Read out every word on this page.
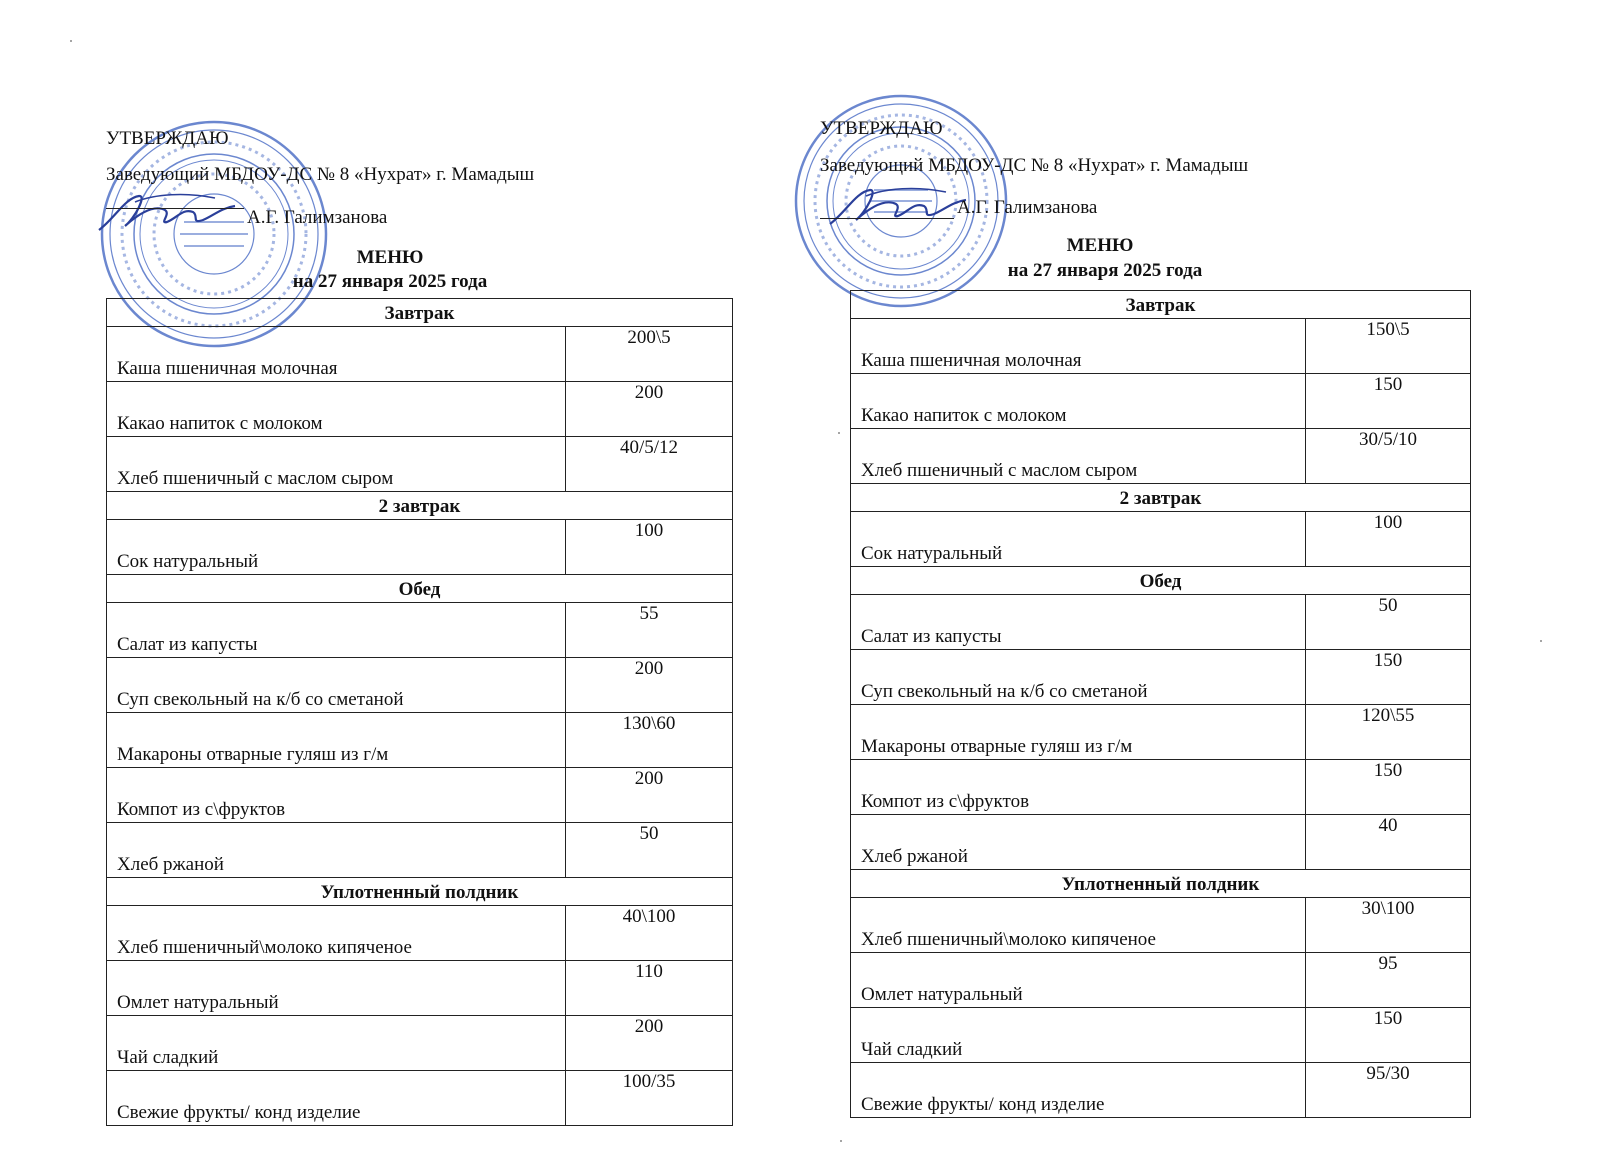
УТВЕРЖДАЮ
Заведующий МБДОУ-ДС № 8 «Нухрат» г. Мамадыш
А.Г. Галимзанова
МЕНЮ
на 27 января 2025 года
Завтрак	
Каша пшеничная молочная	200\5
Какао напиток с молоком	200
Хлеб пшеничный с маслом сыром	40/5/12
2 завтрак	
Сок натуральный	100
Обед	
Салат из капусты	55
Суп свекольный на к/б со сметаной	200
Макароны отварные гуляш из г/м	130\60
Компот из с\фруктов	200
Хлеб ржаной	50
Уплотненный полдник	
Хлеб пшеничный\молоко кипяченое	40\100
Омлет натуральный	110
Чай сладкий	200
Свежие фрукты/ конд изделие	100/35
УТВЕРЖДАЮ
Заведующий МБДОУ-ДС № 8 «Нухрат» г. Мамадыш
А.Г. Галимзанова
МЕНЮ
на 27 января 2025 года
Завтрак	
Каша пшеничная молочная	150\5
Какао напиток с молоком	150
Хлеб пшеничный с маслом сыром	30/5/10
2 завтрак	
Сок натуральный	100
Обед	
Салат из капусты	50
Суп свекольный на к/б со сметаной	150
Макароны отварные гуляш из г/м	120\55
Компот из с\фруктов	150
Хлеб ржаной	40
Уплотненный полдник	
Хлеб пшеничный\молоко кипяченое	30\100
Омлет натуральный	95
Чай сладкий	150
Свежие фрукты/ конд изделие	95/30
